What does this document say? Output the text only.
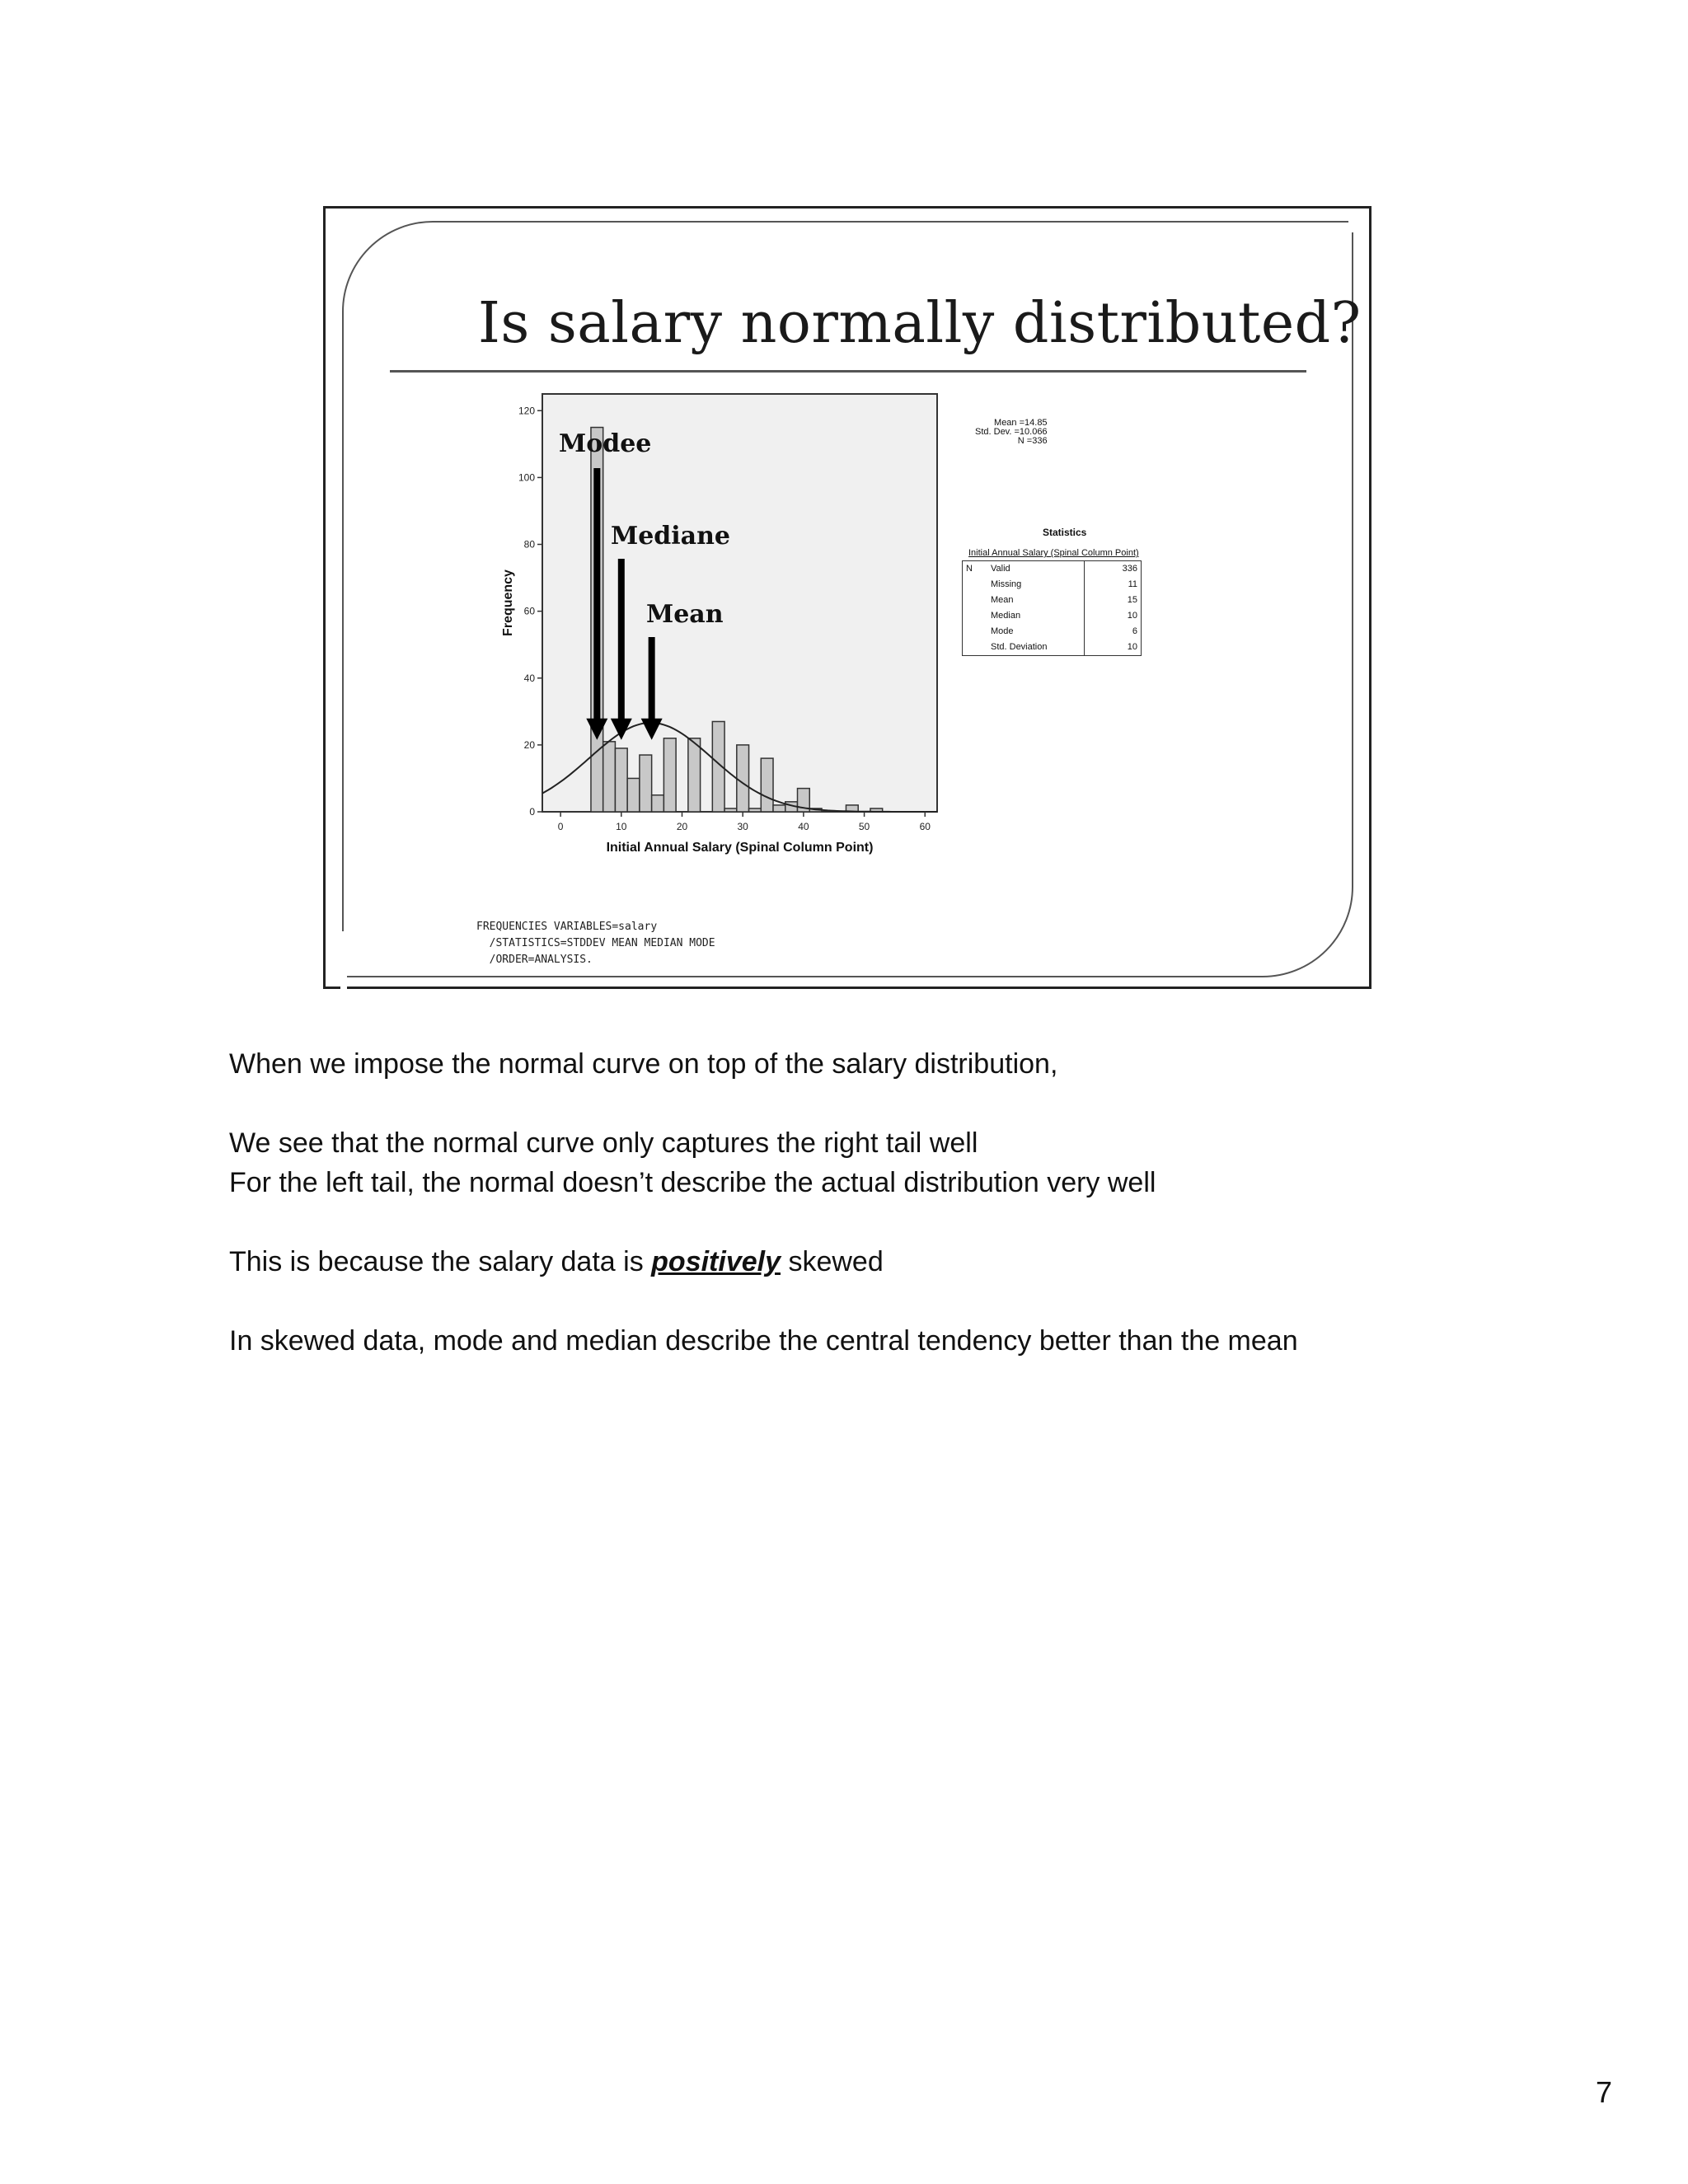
Is salary normally distributed?
0	10	20	30	40	50	60
0
20
40
60
80
100
120
Initial Annual Salary (Spinal Column Point)
Frequency
Modee
Mediane
Mean
Mean =14.85
Std. Dev. =10.066
N =336
Statistics
Initial Annual Salary (Spinal Column Point)
N	Valid	336
	Missing	11
	Mean	15
	Median	10
	Mode	6
	Std. Deviation	10
FREQUENCIES VARIABLES=salary
/STATISTICS=STDDEV MEAN MEDIAN MODE
/ORDER=ANALYSIS.
When we impose the normal curve on top of the salary distribution,
We see that the normal curve only captures the right tail well
For the left tail, the normal doesn’t describe the actual distribution very well
This is because the salary data is positively skewed
In skewed data, mode and median describe the central tendency better than the mean
7
